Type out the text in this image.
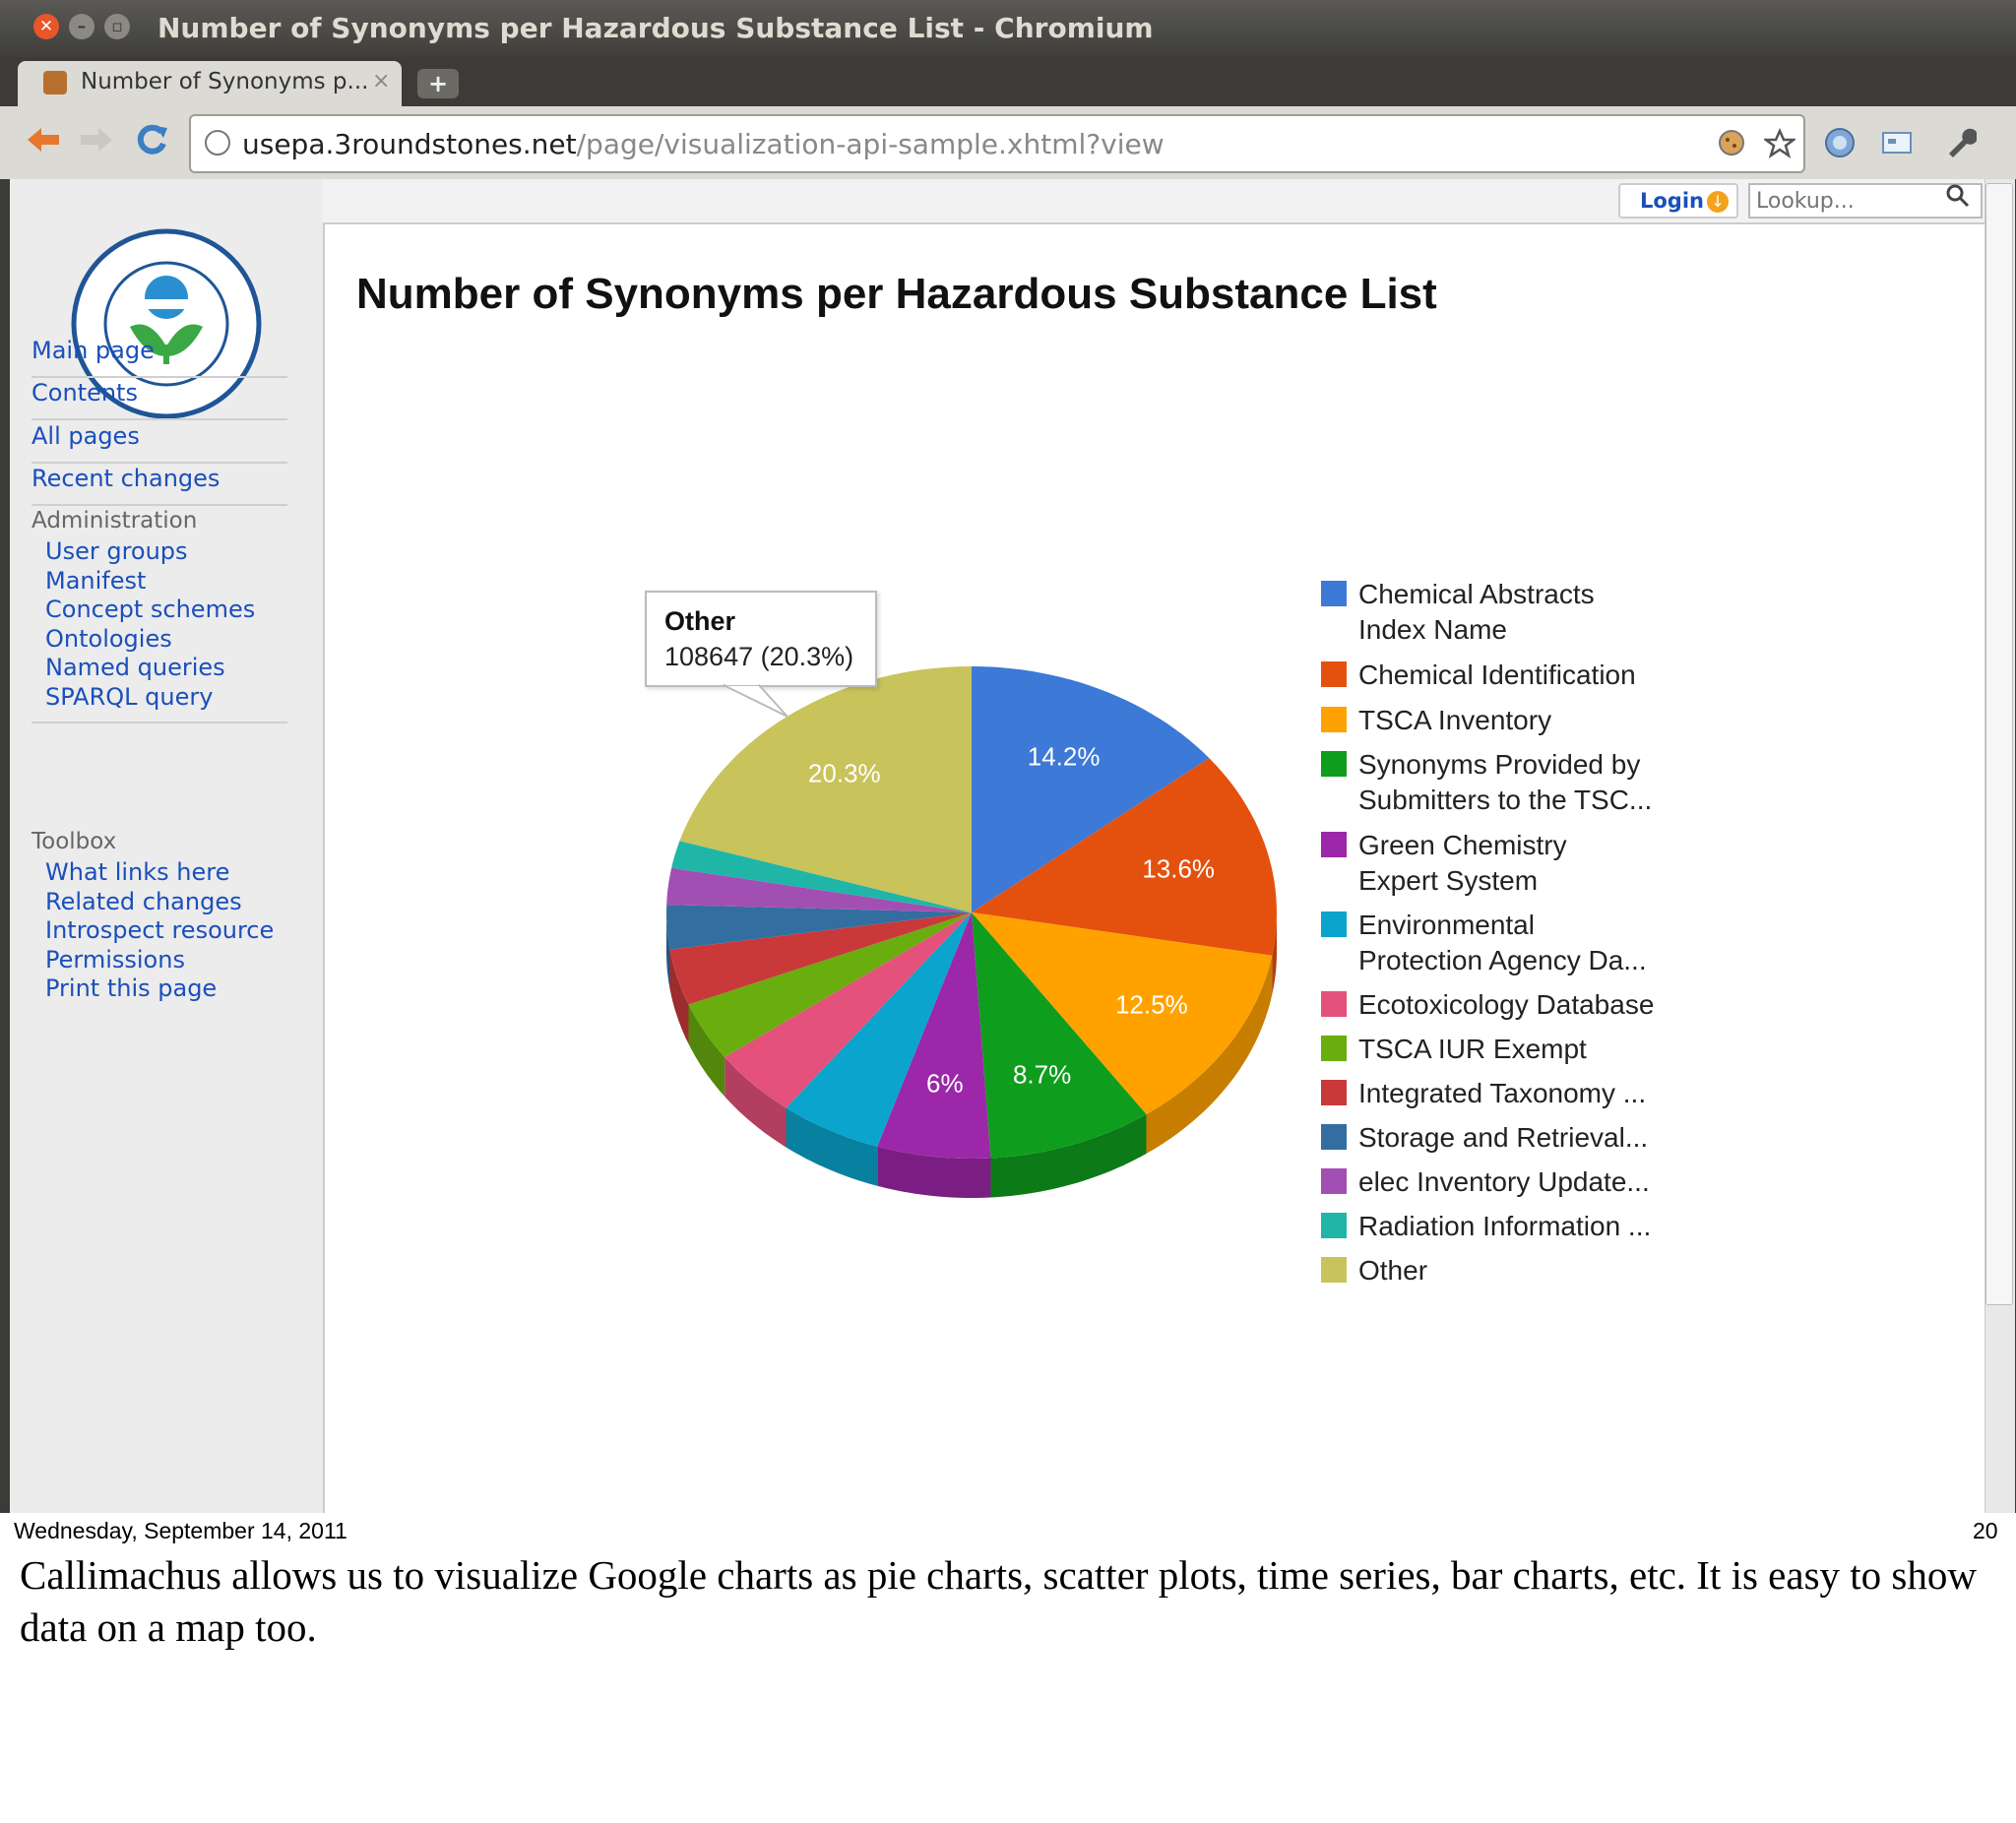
✕	–	▫ Number of Synonyms per Hazardous Substance List - Chromium
Number of Synonyms p... ×	+
usepa.3roundstones.net/page/visualization-api-sample.xhtml?view
Main page
Contents
All pages
Recent changes
Administration
User groups
Manifest
Concept schemes
Ontologies
Named queries
SPARQL query
Toolbox
What links here
Related changes
Introspect resource
Permissions
Print this page
Login ↓
Lookup...
Number of Synonyms per Hazardous Substance List
14.2%
13.6%
12.5%
8.7%
6%
20.3%
Chemical Abstracts
Index Name
Chemical Identification
TSCA Inventory
Synonyms Provided by
Submitters to the TSC...
Green Chemistry
Expert System
Environmental
Protection Agency Da...
Ecotoxicology Database
TSCA IUR Exempt
Integrated Taxonomy ...
Storage and Retrieval...
elec Inventory Update...
Radiation Information ...
Other
Other
108647 (20.3%)
Wednesday, September 14, 2011	20
Callimachus allows us to visualize Google charts as pie charts, scatter plots, time series, bar charts, etc. It is easy to show data on a map too.
